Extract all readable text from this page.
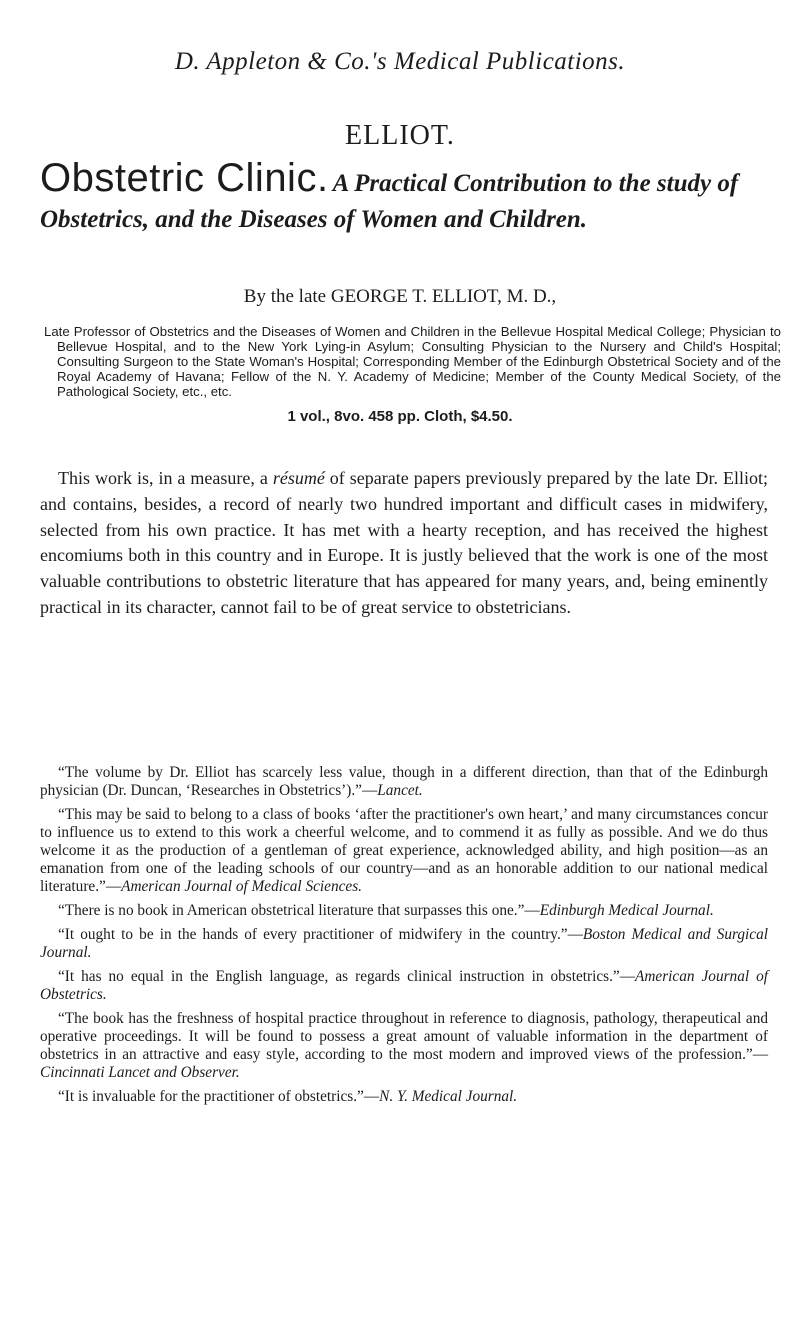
D. Appleton & Co.'s Medical Publications.
ELLIOT.
Obstetric Clinic. A Practical Contribution to the study of Obstetrics, and the Diseases of Women and Children.
By the late GEORGE T. ELLIOT, M. D.,
Late Professor of Obstetrics and the Diseases of Women and Children in the Bellevue Hospital Medical College; Physician to Bellevue Hospital, and to the New York Lying-in Asylum; Consulting Physician to the Nursery and Child's Hospital; Consulting Surgeon to the State Woman's Hospital; Corresponding Member of the Edinburgh Obstetrical Society and of the Royal Academy of Havana; Fellow of the N. Y. Academy of Medicine; Member of the County Medical Society, of the Pathological Society, etc., etc.
1 vol., 8vo. 458 pp. Cloth, $4.50.

This work is, in a measure, a résumé of separate papers previously prepared by the late Dr. Elliot; and contains, besides, a record of nearly two hundred important and difficult cases in midwifery, selected from his own practice. It has met with a hearty reception, and has received the highest encomiums both in this country and in Europe. It is justly believed that the work is one of the most valuable contributions to obstetric literature that has appeared for many years, and, being eminently practical in its character, cannot fail to be of great service to obstetricians.

“The volume by Dr. Elliot has scarcely less value, though in a different direction, than that of the Edinburgh physician (Dr. Duncan, ‘Researches in Obstetrics’).”—Lancet.

“This may be said to belong to a class of books ‘after the practitioner's own heart,’ and many circumstances concur to influence us to extend to this work a cheerful welcome, and to commend it as fully as possible. And we do thus welcome it as the production of a gentleman of great experience, acknowledged ability, and high position—as an emanation from one of the leading schools of our country—and as an honorable addition to our national medical literature.”—American Journal of Medical Sciences.

“There is no book in American obstetrical literature that surpasses this one.”—Edinburgh Medical Journal.

“It ought to be in the hands of every practitioner of midwifery in the country.”—Boston Medical and Surgical Journal.

“It has no equal in the English language, as regards clinical instruction in obstetrics.”—American Journal of Obstetrics.

“The book has the freshness of hospital practice throughout in reference to diagnosis, pathology, therapeutical and operative proceedings. It will be found to possess a great amount of valuable information in the department of obstetrics in an attractive and easy style, according to the most modern and improved views of the profession.”—Cincinnati Lancet and Observer.

“It is invaluable for the practitioner of obstetrics.”—N. Y. Medical Journal.
